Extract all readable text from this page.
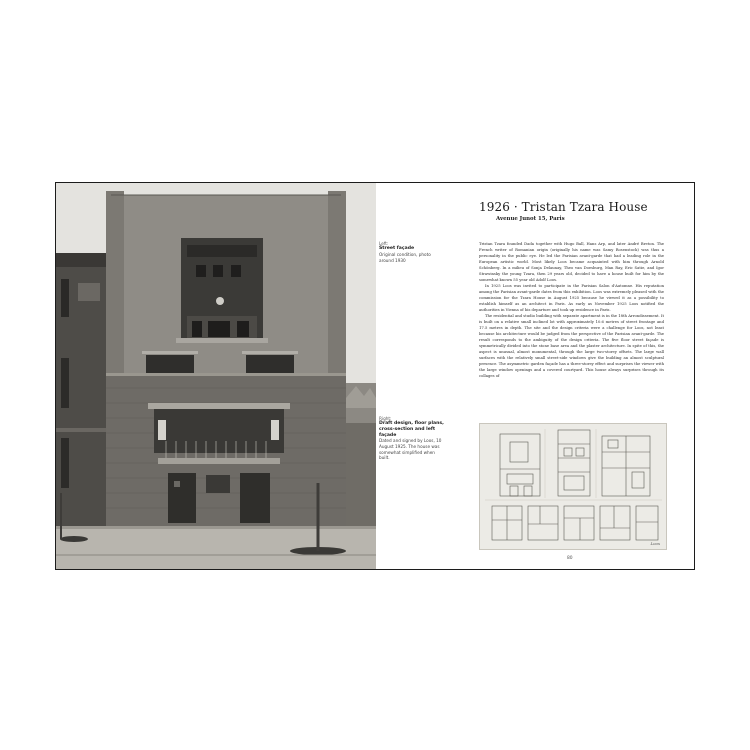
Left:
Street façade
Original condition, photo around 1930
Right:
Draft design, floor plans, cross-section and left façade
Dated and signed by Loos, 10 August 1925. The house was somewhat simplified when built.
1926 · Tristan Tzara House
Avenue Junot 15, Paris

Tristan Tzara founded Dada together with Hugo Ball, Hans Arp, and later André Breton. The French writer of Romanian origin (originally his name was Samy Rosenstock) was thus a personality in the public eye. He led the Parisian avant-garde that had a leading role in the European artistic world. Most likely Loos became acquainted with him through Arnold Schönberg. In a milieu of Sonja Delaunay, Theo van Doesburg, Man Ray, Eric Satie, and Igor Strawinsky the young Tzara, then 29 years old, decided to have a house built for him by the somewhat known 55 year old Adolf Loos.

In 1925 Loos was invited to participate in the Parisian Salon d'Automne. His reputation among the Parisian avant-garde dates from this exhibition. Loos was extremely pleased with the commission for the Tzara House in August 1925 because he viewed it as a possibility to establish himself as an architect in Paris. As early as November 1925 Loos notified the authorities in Vienna of his departure and took up residence in Paris.

The residential and studio building with separate apartment is in the 18th Arrondissement. It is built on a relative small inclined lot with approximately 10.6 metres of street frontage and 17.5 metres in depth. The site and the design criteria were a challenge for Loos, not least because his architecture would be judged from the perspective of the Parisian avant-garde. The result corresponds to the ambiguity of the design criteria. The five floor street façade is symmetrically divided into the stone base area and the plaster architecture. In spite of this, the aspect is unusual, almost monumental, through the large two-storey offsets. The large wall surfaces with the relatively small street-side windows give the building an almost sculptural presence. The asymmetric garden façade has a three-storey effect and surprises the viewer with the large window openings and a covered courtyard. This house always surprises through its collages of

Loos
80
